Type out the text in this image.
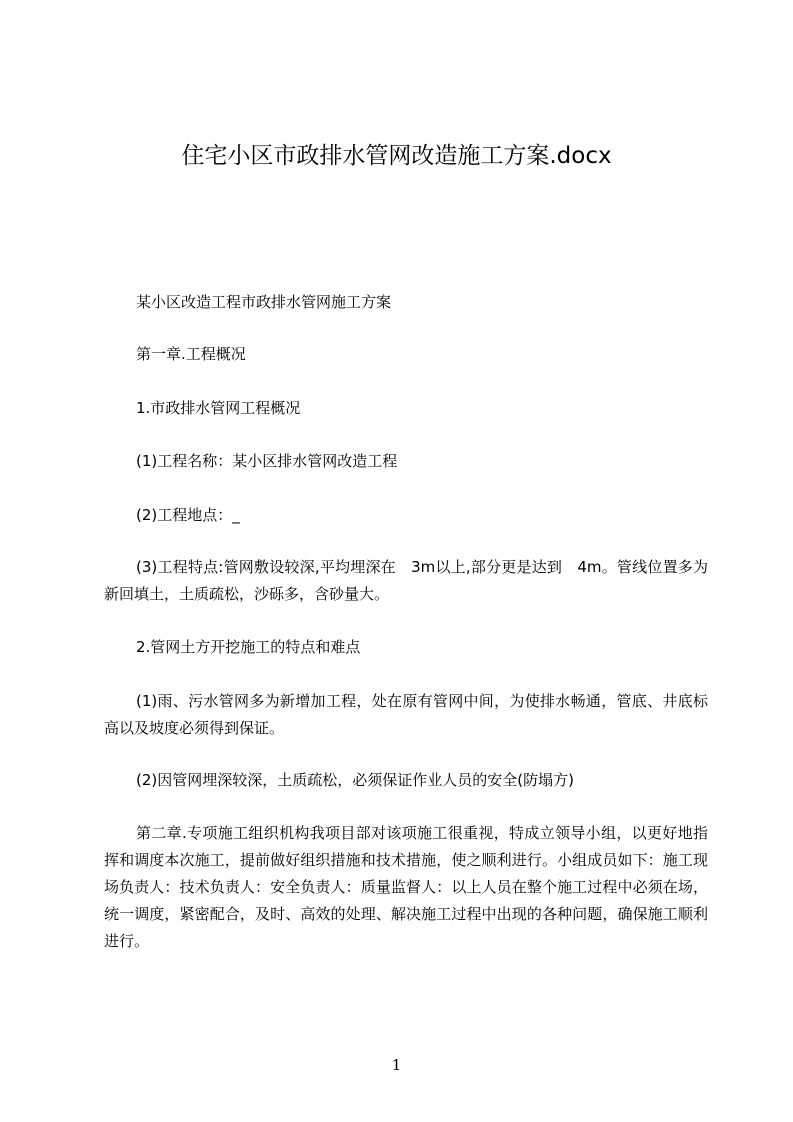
住宅小区市政排水管网改造施工方案.docx
某小区改造工程市政排水管网施工方案
第一章.工程概况
1.市政排水管网工程概况
(1)工程名称：某小区排水管网改造工程
(2)工程地点：_
(3)工程特点:管网敷设较深,平均埋深在　3m以上,部分更是达到　4m。管线位置多为新回填土，土质疏松，沙砾多，含砂量大。
2.管网土方开挖施工的特点和难点
(1)雨、污水管网多为新增加工程，处在原有管网中间，为使排水畅通，管底、井底标高以及坡度必须得到保证。
(2)因管网埋深较深，土质疏松，必须保证作业人员的安全(防塌方)
第二章.专项施工组织机构我项目部对该项施工很重视，特成立领导小组，以更好地指挥和调度本次施工，提前做好组织措施和技术措施，使之顺利进行。小组成员如下：施工现场负责人：技术负责人：安全负责人：质量监督人：以上人员在整个施工过程中必须在场，统一调度，紧密配合，及时、高效的处理、解决施工过程中出现的各种问题，确保施工顺利进行。
1
